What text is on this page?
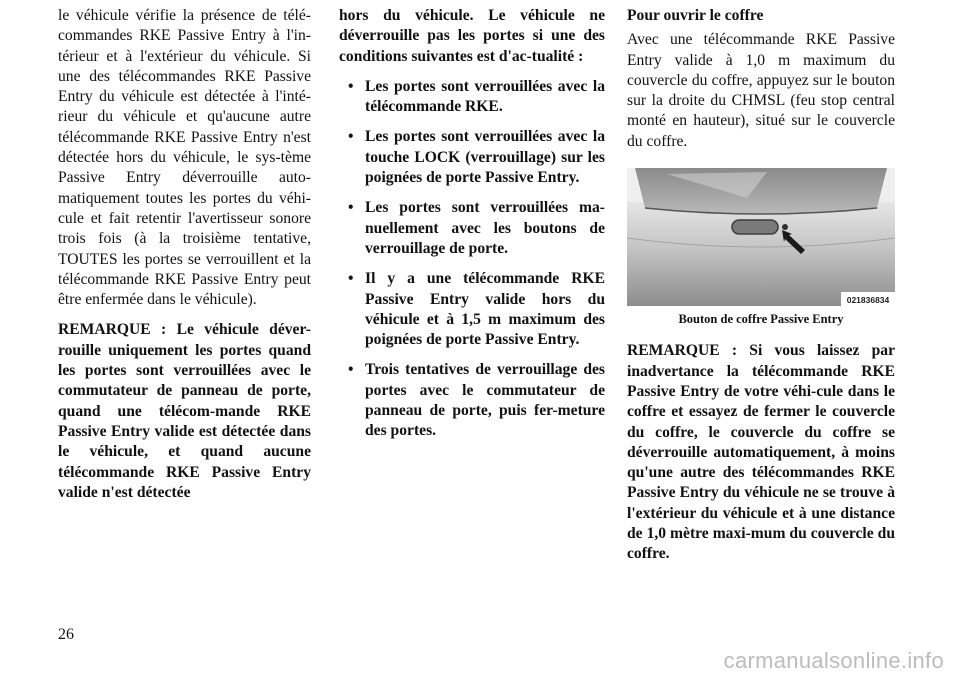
le véhicule vérifie la présence de télé-commandes RKE Passive Entry à l'in-térieur et à l'extérieur du véhicule. Si une des télécommandes RKE Passive Entry du véhicule est détectée à l'inté-rieur du véhicule et qu'aucune autre télécommande RKE Passive Entry n'est détectée hors du véhicule, le sys-tème Passive Entry déverrouille auto-matiquement toutes les portes du véhi-cule et fait retentir l'avertisseur sonore trois fois (à la troisième tentative, TOUTES les portes se verrouillent et la télécommande RKE Passive Entry peut être enfermée dans le véhicule).

REMARQUE : Le véhicule déver-rouille uniquement les portes quand les portes sont verrouillées avec le commutateur de panneau de porte, quand une télécom-mande RKE Passive Entry valide est détectée dans le véhicule, et quand aucune télécommande RKE Passive Entry valide n'est détectée

hors du véhicule. Le véhicule ne déverrouille pas les portes si une des conditions suivantes est d'ac-tualité :

• Les portes sont verrouillées avec la télécommande RKE.
• Les portes sont verrouillées avec la touche LOCK (verrouillage) sur les poignées de porte Passive Entry.
• Les portes sont verrouillées ma-nuellement avec les boutons de verrouillage de porte.
• Il y a une télécommande RKE Passive Entry valide hors du véhicule et à 1,5 m maximum des poignées de porte Passive Entry.
• Trois tentatives de verrouillage des portes avec le commutateur de panneau de porte, puis fer-meture des portes.

Pour ouvrir le coffre

Avec une télécommande RKE Passive Entry valide à 1,0 m maximum du couvercle du coffre, appuyez sur le bouton sur la droite du CHMSL (feu stop central monté en hauteur), situé sur le couvercle du coffre.

021836834
Bouton de coffre Passive Entry

REMARQUE : Si vous laissez par inadvertance la télécommande RKE Passive Entry de votre véhi-cule dans le coffre et essayez de fermer le couvercle du coffre, le couvercle du coffre se déverrouille automatiquement, à moins qu'une autre des télécommandes RKE Passive Entry du véhicule ne se trouve à l'extérieur du véhicule et à une distance de 1,0 mètre maxi-mum du couvercle du coffre.

26
carmanualsonline.info
